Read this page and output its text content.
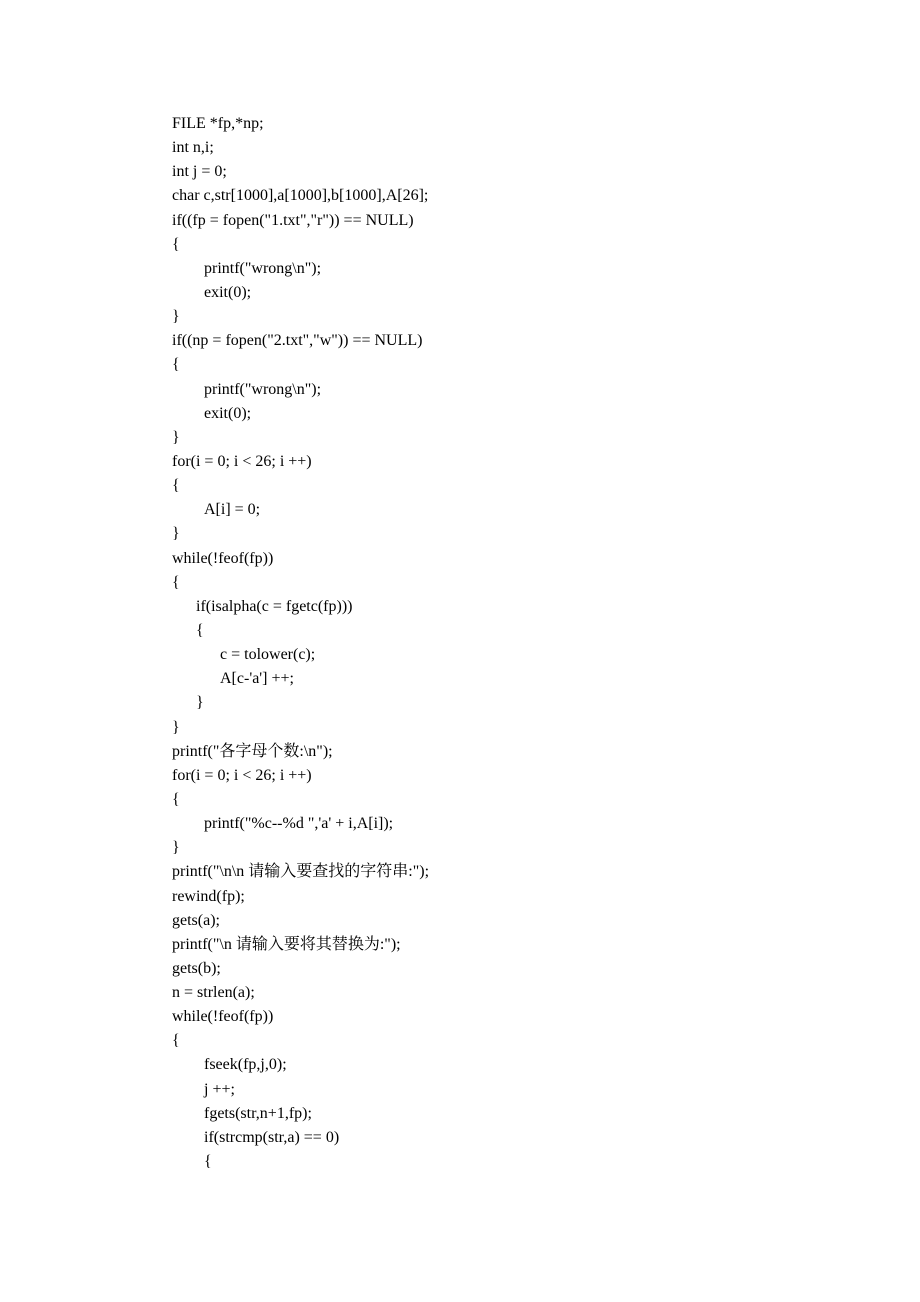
FILE *fp,*np;
int n,i;
int j = 0;
char c,str[1000],a[1000],b[1000],A[26];
if((fp = fopen("1.txt","r")) == NULL)
{
printf("wrong\n");
exit(0);
}
if((np = fopen("2.txt","w")) == NULL)
{
printf("wrong\n");
exit(0);
}
for(i = 0; i < 26; i ++)
{
A[i] = 0;
}
while(!feof(fp))
{
if(isalpha(c = fgetc(fp)))
{
c = tolower(c);
A[c-'a'] ++;
}
}
printf("各字母个数:\n");
for(i = 0; i < 26; i ++)
{
printf("%c--%d ",'a' + i,A[i]);
}
printf("\n\n 请输入要查找的字符串:");
rewind(fp);
gets(a);
printf("\n 请输入要将其替换为:");
gets(b);
n = strlen(a);
while(!feof(fp))
{
fseek(fp,j,0);
j ++;
fgets(str,n+1,fp);
if(strcmp(str,a) == 0)
{
